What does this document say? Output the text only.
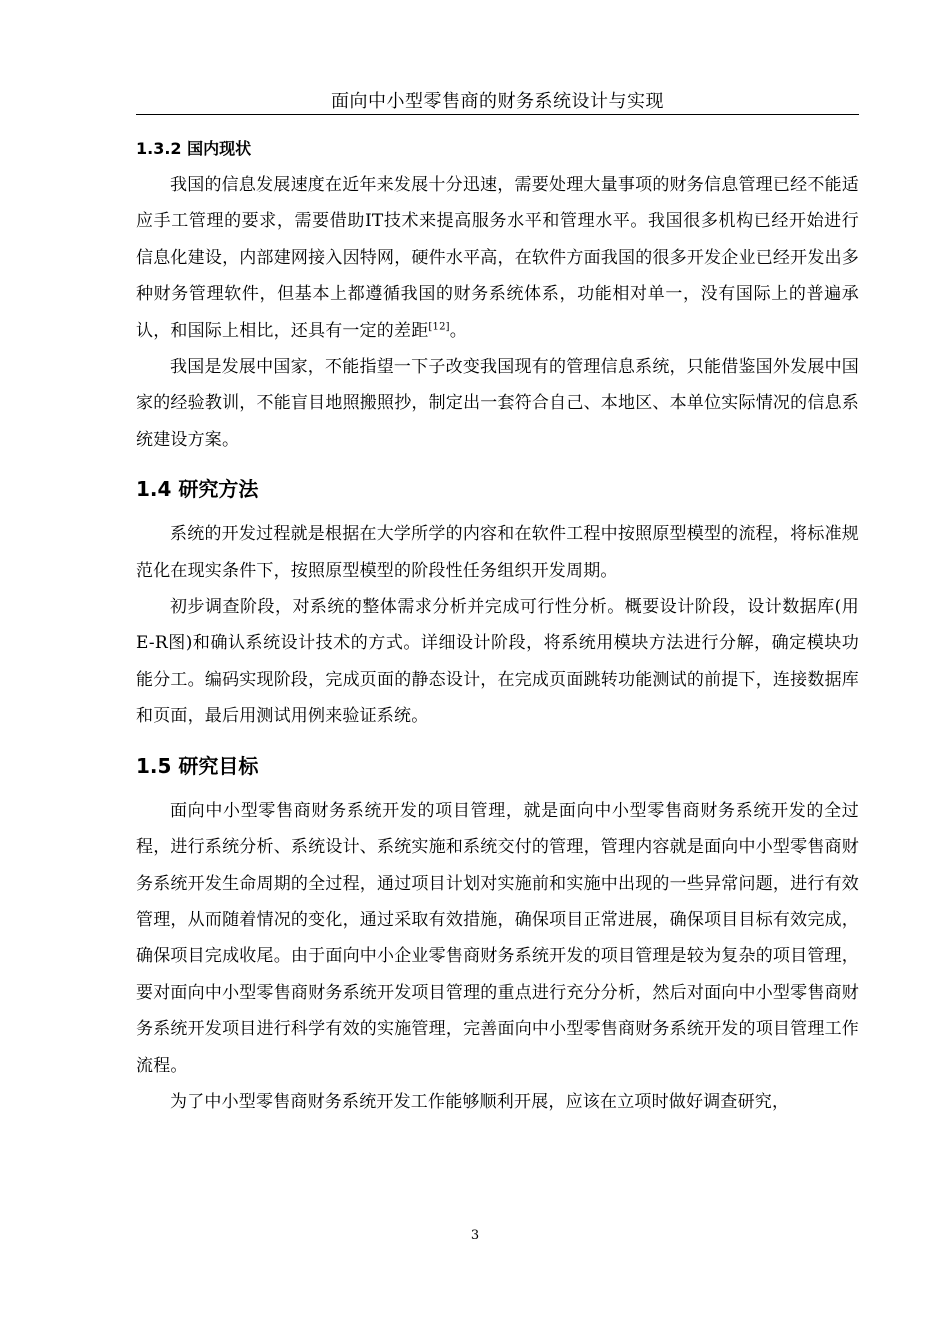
面向中小型零售商的财务系统设计与实现
1.3.2 国内现状

我国的信息发展速度在近年来发展十分迅速，需要处理大量事项的财务信息管理已经不能适应手工管理的要求，需要借助IT技术来提高服务水平和管理水平。我国很多机构已经开始进行信息化建设，内部建网接入因特网，硬件水平高，在软件方面我国的很多开发企业已经开发出多种财务管理软件，但基本上都遵循我国的财务系统体系，功能相对单一，没有国际上的普遍承认，和国际上相比，还具有一定的差距[12]。

我国是发展中国家，不能指望一下子改变我国现有的管理信息系统，只能借鉴国外发展中国家的经验教训，不能盲目地照搬照抄，制定出一套符合自己、本地区、本单位实际情况的信息系统建设方案。

1.4 研究方法

系统的开发过程就是根据在大学所学的内容和在软件工程中按照原型模型的流程，将标准规范化在现实条件下，按照原型模型的阶段性任务组织开发周期。

初步调查阶段，对系统的整体需求分析并完成可行性分析。概要设计阶段，设计数据库(用E-R图)和确认系统设计技术的方式。详细设计阶段，将系统用模块方法进行分解，确定模块功能分工。编码实现阶段，完成页面的静态设计，在完成页面跳转功能测试的前提下，连接数据库和页面，最后用测试用例来验证系统。

1.5 研究目标

面向中小型零售商财务系统开发的项目管理，就是面向中小型零售商财务系统开发的全过程，进行系统分析、系统设计、系统实施和系统交付的管理，管理内容就是面向中小型零售商财务系统开发生命周期的全过程，通过项目计划对实施前和实施中出现的一些异常问题，进行有效管理，从而随着情况的变化，通过采取有效措施，确保项目正常进展，确保项目目标有效完成，确保项目完成收尾。由于面向中小企业零售商财务系统开发的项目管理是较为复杂的项目管理，要对面向中小型零售商财务系统开发项目管理的重点进行充分分析，然后对面向中小型零售商财务系统开发项目进行科学有效的实施管理，完善面向中小型零售商财务系统开发的项目管理工作流程。

为了中小型零售商财务系统开发工作能够顺利开展，应该在立项时做好调查研究，

3
